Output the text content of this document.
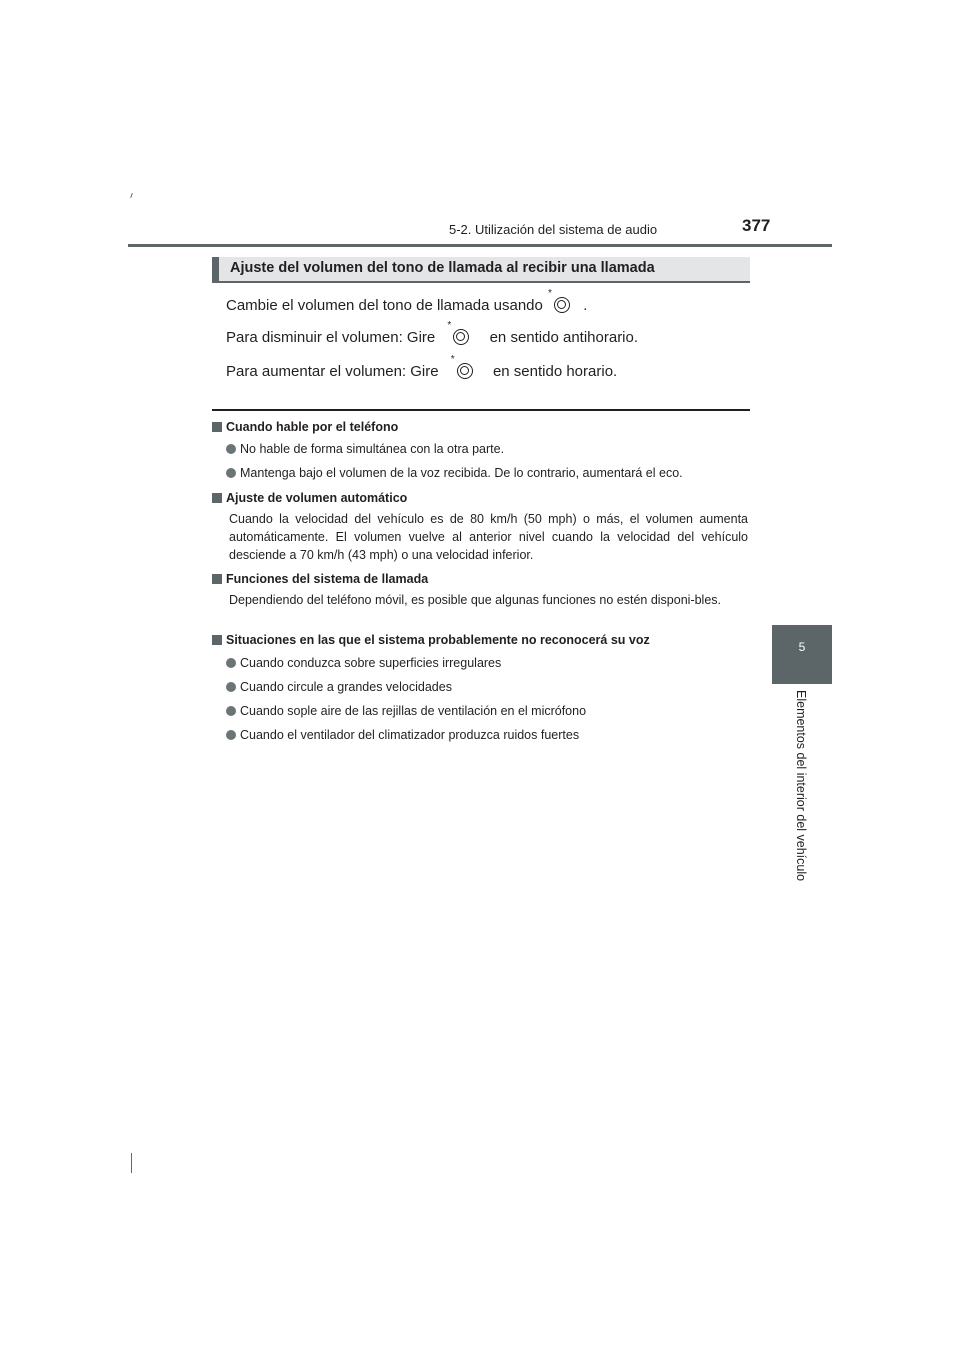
5-2. Utilización del sistema de audio	377
5
Elementos del interior del vehículo
Ajuste del volumen del tono de llamada al recibir una llamada
Cambie el volumen del tono de llamada usando
*
.
Para disminuir el volumen: Gire
*
en sentido antihorario.
Para aumentar el volumen: Gire
*
en sentido horario.
Cuando hable por el teléfono
No hable de forma simultánea con la otra parte.
Mantenga bajo el volumen de la voz recibida. De lo contrario, aumentará el eco.
Ajuste de volumen automático
Cuando la velocidad del vehículo es de 80 km/h (50 mph) o más, el volumen aumenta automáticamente. El volumen vuelve al anterior nivel cuando la velocidad del vehículo desciende a 70 km/h (43 mph) o una velocidad inferior.
Funciones del sistema de llamada
Dependiendo del teléfono móvil, es posible que algunas funciones no estén disponi-bles.
Situaciones en las que el sistema probablemente no reconocerá su voz
Cuando conduzca sobre superficies irregulares
Cuando circule a grandes velocidades
Cuando sople aire de las rejillas de ventilación en el micrófono
Cuando el ventilador del climatizador produzca ruidos fuertes
